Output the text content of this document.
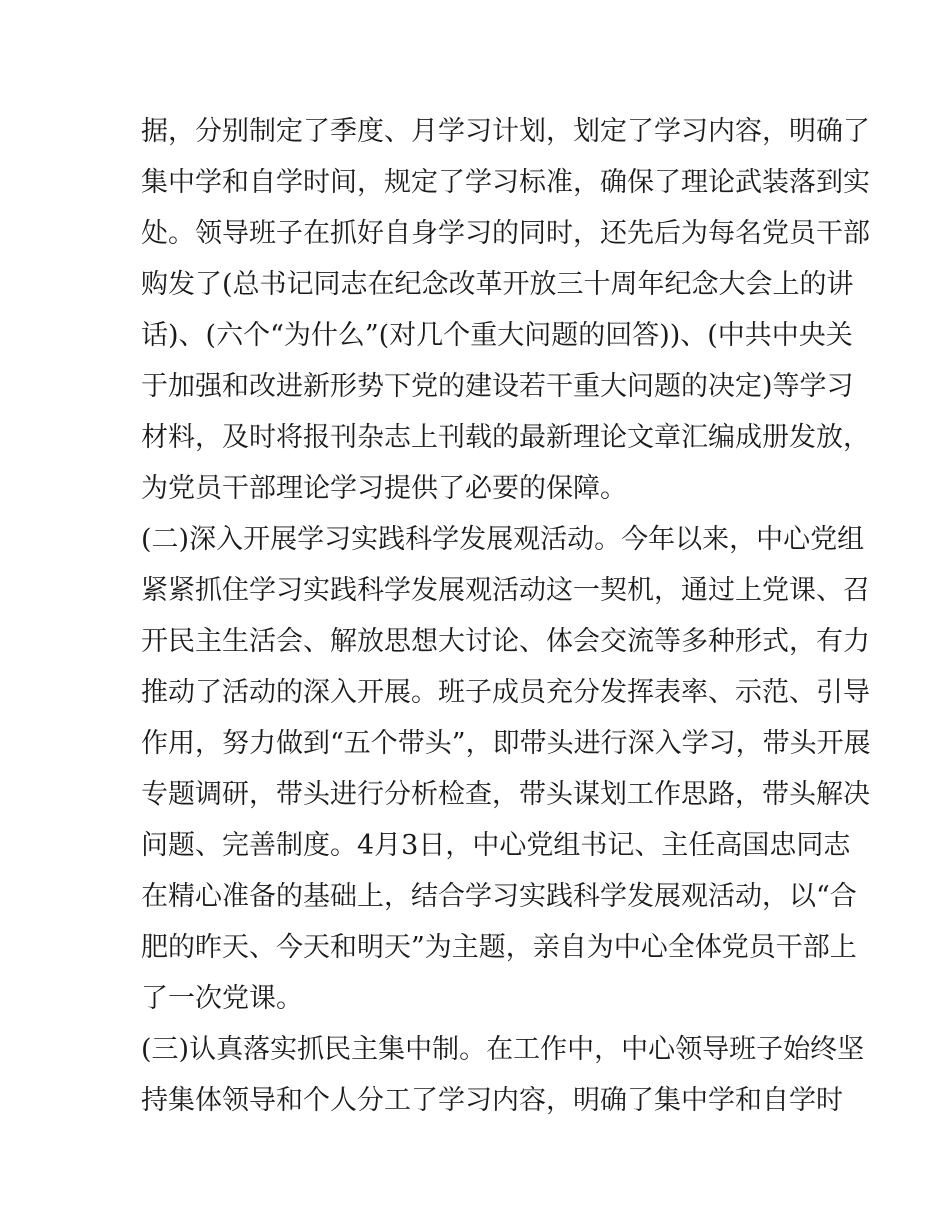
据，分别制定了季度、月学习计划，划定了学习内容，明确了
集中学和自学时间，规定了学习标准，确保了理论武装落到实
处。领导班子在抓好自身学习的同时，还先后为每名党员干部
购发了(总书记同志在纪念改革开放三十周年纪念大会上的讲
话)、(六个“为什么”(对几个重大问题的回答))、(中共中央关
于加强和改进新形势下党的建设若干重大问题的决定)等学习
材料，及时将报刊杂志上刊载的最新理论文章汇编成册发放，
为党员干部理论学习提供了必要的保障。
(二)深入开展学习实践科学发展观活动。今年以来，中心党组
紧紧抓住学习实践科学发展观活动这一契机，通过上党课、召
开民主生活会、解放思想大讨论、体会交流等多种形式，有力
推动了活动的深入开展。班子成员充分发挥表率、示范、引导
作用，努力做到“五个带头”，即带头进行深入学习，带头开展
专题调研，带头进行分析检查，带头谋划工作思路，带头解决
问题、完善制度。4月3日，中心党组书记、主任高国忠同志
在精心准备的基础上，结合学习实践科学发展观活动，以“合
肥的昨天、今天和明天”为主题，亲自为中心全体党员干部上
了一次党课。
(三)认真落实抓民主集中制。在工作中，中心领导班子始终坚
持集体领导和个人分工了学习内容，明确了集中学和自学时
